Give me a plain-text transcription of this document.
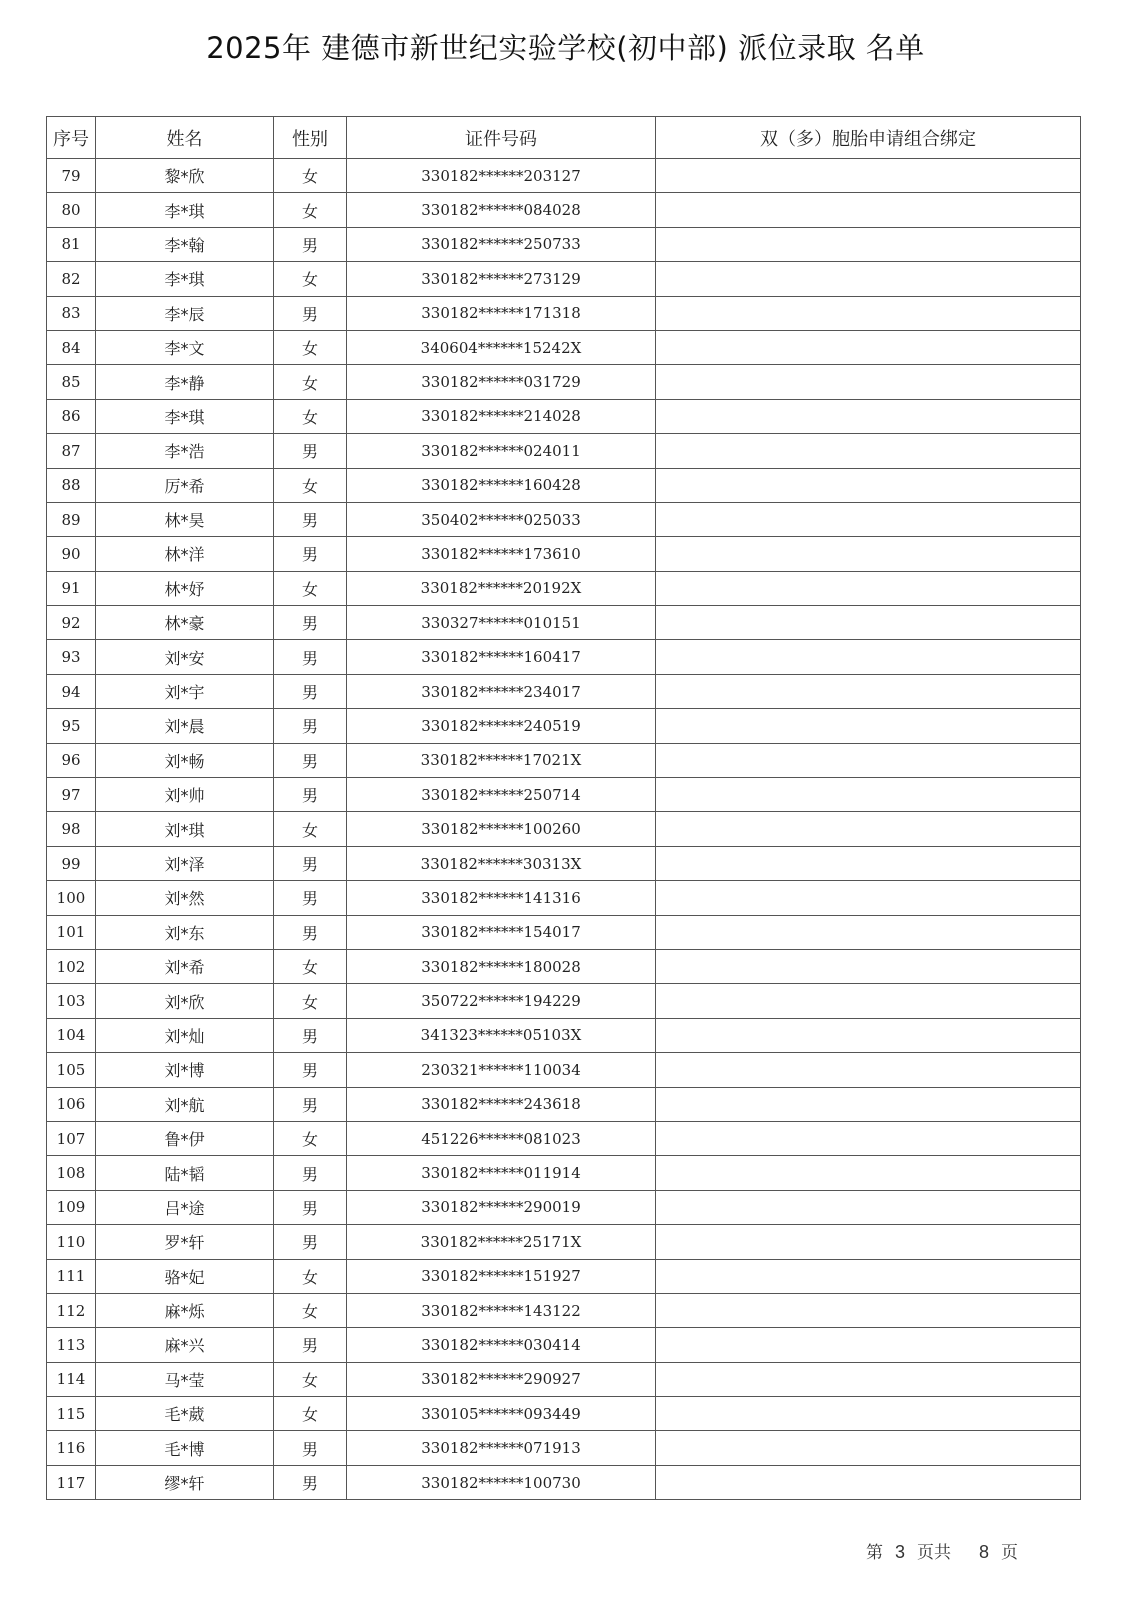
2025年 建德市新世纪实验学校(初中部) 派位录取 名单
序号	姓名	性别	证件号码	双（多）胞胎申请组合绑定
79	黎*欣	女	330182******203127	
80	李*琪	女	330182******084028	
81	李*翰	男	330182******250733	
82	李*琪	女	330182******273129	
83	李*辰	男	330182******171318	
84	李*文	女	340604******15242X	
85	李*静	女	330182******031729	
86	李*琪	女	330182******214028	
87	李*浩	男	330182******024011	
88	厉*希	女	330182******160428	
89	林*昊	男	350402******025033	
90	林*洋	男	330182******173610	
91	林*妤	女	330182******20192X	
92	林*豪	男	330327******010151	
93	刘*安	男	330182******160417	
94	刘*宇	男	330182******234017	
95	刘*晨	男	330182******240519	
96	刘*畅	男	330182******17021X	
97	刘*帅	男	330182******250714	
98	刘*琪	女	330182******100260	
99	刘*泽	男	330182******30313X	
100	刘*然	男	330182******141316	
101	刘*东	男	330182******154017	
102	刘*希	女	330182******180028	
103	刘*欣	女	350722******194229	
104	刘*灿	男	341323******05103X	
105	刘*博	男	230321******110034	
106	刘*航	男	330182******243618	
107	鲁*伊	女	451226******081023	
108	陆*韬	男	330182******011914	
109	吕*途	男	330182******290019	
110	罗*轩	男	330182******25171X	
111	骆*妃	女	330182******151927	
112	麻*烁	女	330182******143122	
113	麻*兴	男	330182******030414	
114	马*莹	女	330182******290927	
115	毛*葳	女	330105******093449	
116	毛*博	男	330182******071913	
117	缪*轩	男	330182******100730	
第 3 页共 8 页
